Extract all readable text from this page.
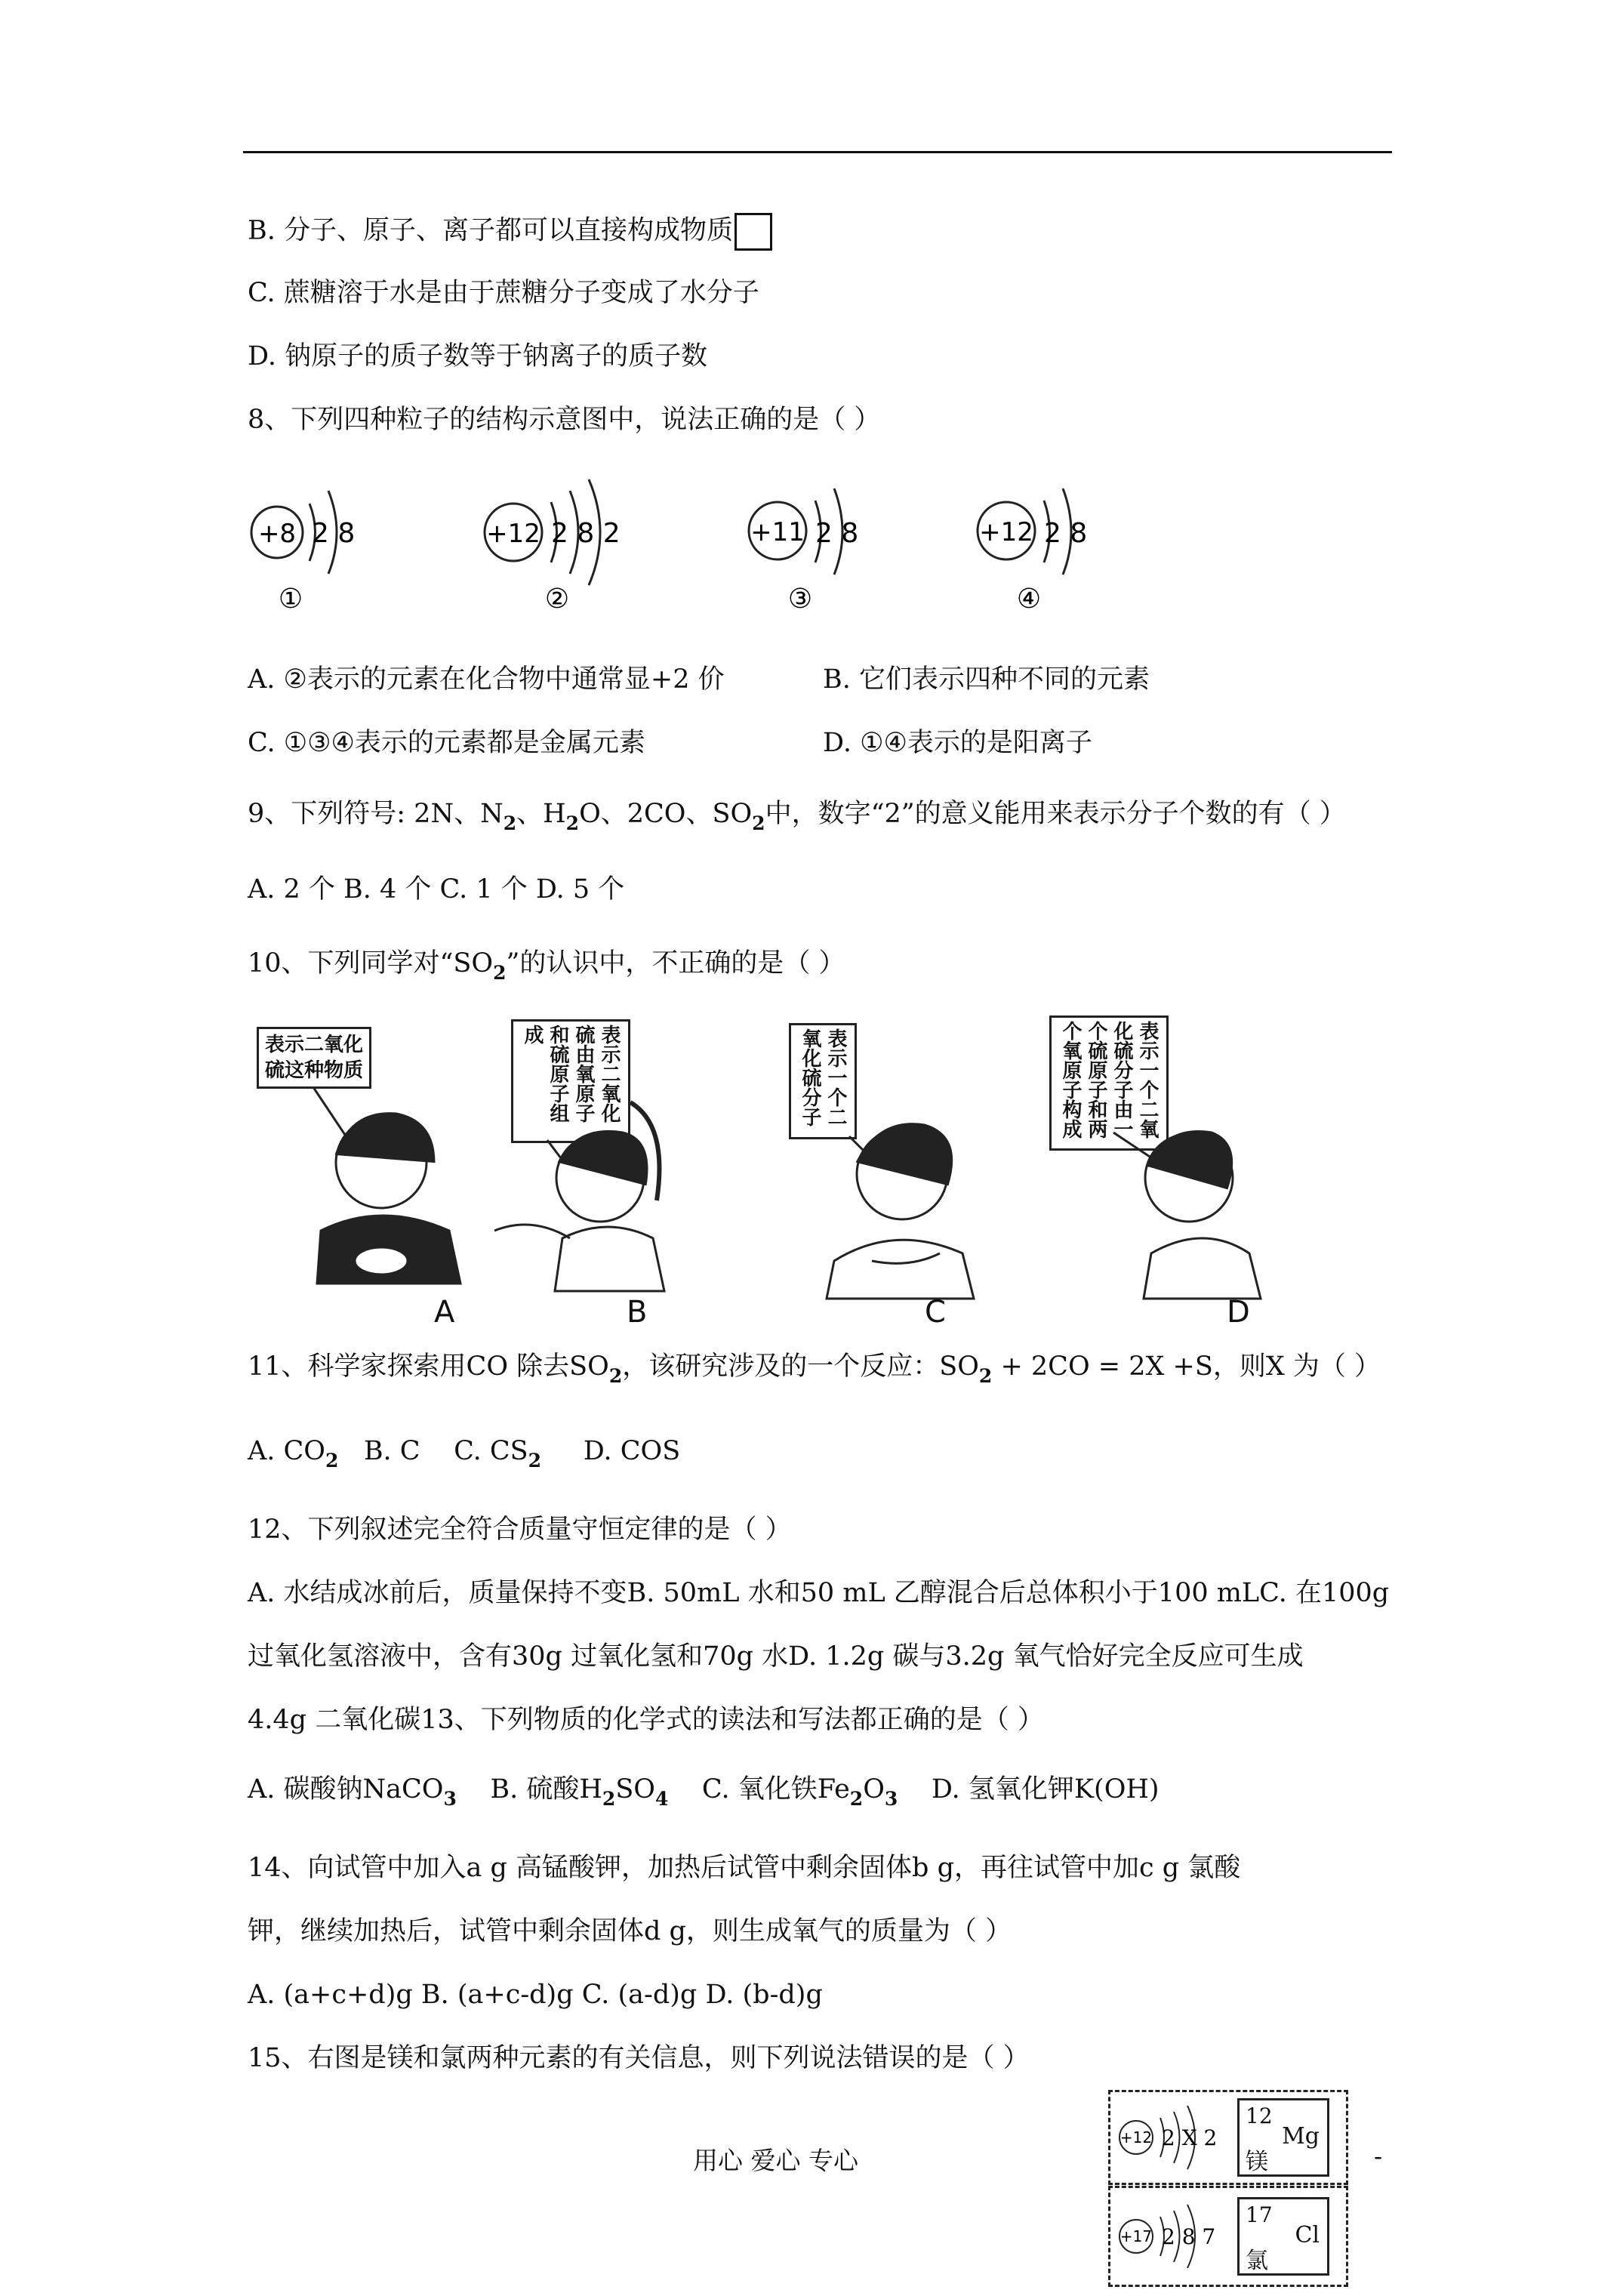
B. 分子、原子、离子都可以直接构成物质
C. 蔗糖溶于水是由于蔗糖分子变成了水分子
D. 钠原子的质子数等于钠离子的质子数
8、下列四种粒子的结构示意图中，说法正确的是（ ）
+8 2 8
①
+12 2 8 2
②
+11 2 8
③
+12 2 8
④
A. ②表示的元素在化合物中通常显+2 价	B. 它们表示四种不同的元素
C. ①③④表示的元素都是金属元素	D. ①④表示的是阳离子
9、下列符号: 2N、$N_2$、$H_2O$、2CO、$SO_2$中，数字“2”的意义能用来表示分子个数的有（ ）
A. 2 个 B. 4 个 C. 1 个 D. 5 个
10、下列同学对“$SO_2$”的认识中，不正确的是（ ）
表示二氧化
硫这种物质	表示二氧化硫由氧原子和硫原子组成	表示一个二氧化硫分子
表示一个二氧化硫分子由一个硫原子和两个氧原子构成
A	B	C	D
11、科学家探索用CO 除去$SO_2$，该研究涉及的一个反应：$SO_2 + 2CO = 2X +S$，则X 为（ ）
A. $CO_2$ B. C C. $CS_2$ D. COS
12、下列叙述完全符合质量守恒定律的是（ ）
A. 水结成冰前后，质量保持不变B. 50mL 水和50 mL 乙醇混合后总体积小于100 mLC. 在100g
过氧化氢溶液中，含有30g 过氧化氢和70g 水D. 1.2g 碳与3.2g 氧气恰好完全反应可生成
4.4g 二氧化碳13、下列物质的化学式的读法和写法都正确的是（ ）
A. 碳酸钠NaCO$_3$ B. 硫酸$H_2SO_4$ C. 氧化铁$Fe_2O_3$ D. 氢氧化钾K(OH)
14、向试管中加入a g 高锰酸钾，加热后试管中剩余固体b g，再往试管中加c g 氯酸
钾，继续加热后，试管中剩余固体d g，则生成氧气的质量为（ ）
A. (a+c+d)g B. (a+c-d)g C. (a-d)g D. (b-d)g
15、右图是镁和氯两种元素的有关信息，则下列说法错误的是（ ）
+12 2 X 2
12
Mg
镁
+17 2 8 7
17
Cl
氯
用心 爱心 专心	-
